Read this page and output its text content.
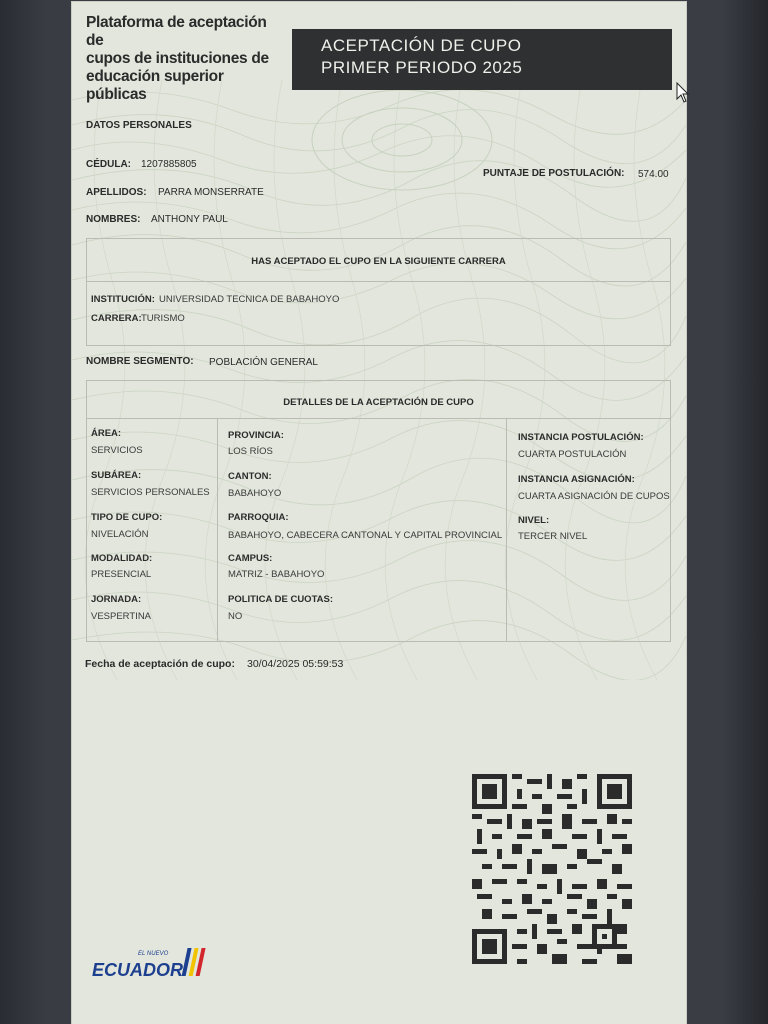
Plataforma de aceptación de
cupos de instituciones de
educación superior públicas
ACEPTACIÓN DE CUPO
PRIMER PERIODO 2025
DATOS PERSONALES
CÉDULA: 1207885805
APELLIDOS: PARRA MONSERRATE
NOMBRES: ANTHONY PAUL
PUNTAJE DE POSTULACIÓN: 574.00
HAS ACEPTADO EL CUPO EN LA SIGUIENTE CARRERA
INSTITUCIÓN: UNIVERSIDAD TECNICA DE BABAHOYO
CARRERA: TURISMO
NOMBRE SEGMENTO: POBLACIÓN GENERAL
DETALLES DE LA ACEPTACIÓN DE CUPO
ÁREA:
SERVICIOS
SUBÁREA:
SERVICIOS PERSONALES
TIPO DE CUPO:
NIVELACIÓN
MODALIDAD:
PRESENCIAL
JORNADA:
VESPERTINA
PROVINCIA:
LOS RÍOS
CANTON:
BABAHOYO
PARROQUIA:
BABAHOYO, CABECERA CANTONAL Y CAPITAL PROVINCIAL
CAMPUS:
MATRIZ - BABAHOYO
POLITICA DE CUOTAS:
NO
INSTANCIA POSTULACIÓN:
CUARTA POSTULACIÓN
INSTANCIA ASIGNACIÓN:
CUARTA ASIGNACIÓN DE CUPOS
NIVEL:
TERCER NIVEL
Fecha de aceptación de cupo: 30/04/2025 05:59:53
EL NUEVO
ECUADOR
